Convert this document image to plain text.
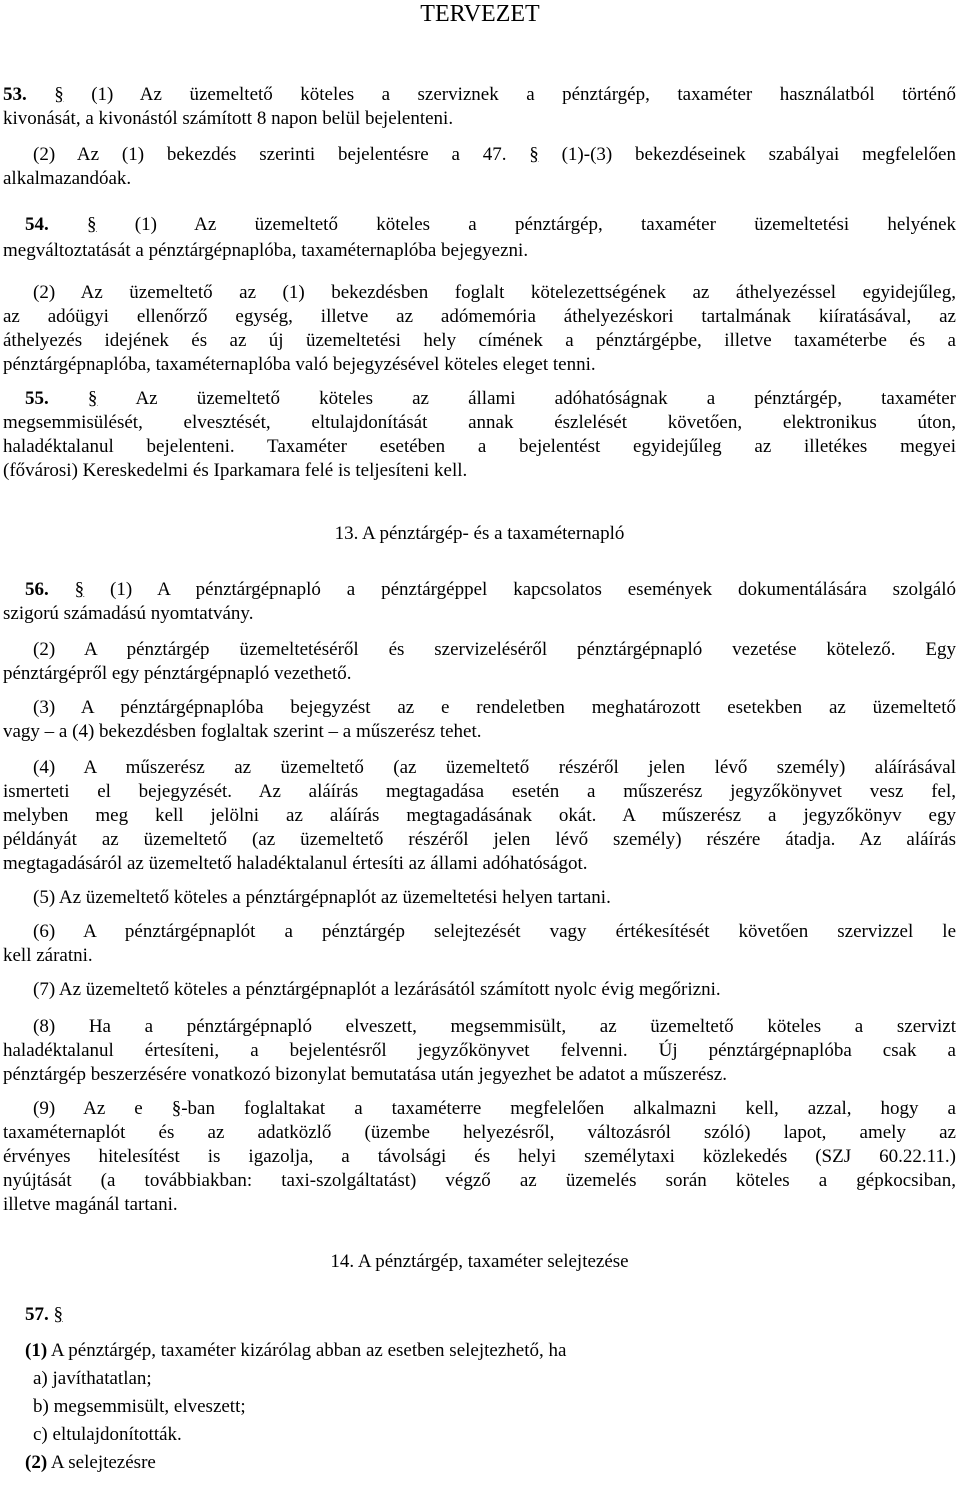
TERVEZET
53. § (1) Az üzemeltető köteles a szerviznek a pénztárgép, taxaméter használatból történő
kivonását, a kivonástól számított 8 napon belül bejelenteni.
(2) Az (1) bekezdés szerinti bejelentésre a 47. § (1)-(3) bekezdéseinek szabályai megfelelően
alkalmazandóak.
54. § (1) Az üzemeltető köteles a pénztárgép, taxaméter üzemeltetési helyének
megváltoztatását a pénztárgépnaplóba, taxaméternaplóba bejegyezni.
(2) Az üzemeltető az (1) bekezdésben foglalt kötelezettségének az áthelyezéssel egyidejűleg,
az adóügyi ellenőrző egység, illetve az adómemória áthelyezéskori tartalmának kiíratásával, az
áthelyezés idejének és az új üzemeltetési hely címének a pénztárgépbe, illetve taxaméterbe és a
pénztárgépnaplóba, taxaméternaplóba való bejegyzésével köteles eleget tenni.
55. § Az üzemeltető köteles az állami adóhatóságnak a pénztárgép, taxaméter
megsemmisülését, elvesztését, eltulajdonítását annak észlelését követően, elektronikus úton,
haladéktalanul bejelenteni. Taxaméter esetében a bejelentést egyidejűleg az illetékes megyei
(fővárosi) Kereskedelmi és Iparkamara felé is teljesíteni kell.
13. A pénztárgép- és a taxaméternapló
56. § (1) A pénztárgépnapló a pénztárgéppel kapcsolatos események dokumentálására szolgáló
szigorú számadású nyomtatvány.
(2) A pénztárgép üzemeltetéséről és szervizeléséről pénztárgépnapló vezetése kötelező. Egy
pénztárgépről egy pénztárgépnapló vezethető.
(3) A pénztárgépnaplóba bejegyzést az e rendeletben meghatározott esetekben az üzemeltető
vagy – a (4) bekezdésben foglaltak szerint – a műszerész tehet.
(4) A műszerész az üzemeltető (az üzemeltető részéről jelen lévő személy) aláírásával
ismerteti el bejegyzését. Az aláírás megtagadása esetén a műszerész jegyzőkönyvet vesz fel,
melyben meg kell jelölni az aláírás megtagadásának okát. A műszerész a jegyzőkönyv egy
példányát az üzemeltető (az üzemeltető részéről jelen lévő személy) részére átadja. Az aláírás
megtagadásáról az üzemeltető haladéktalanul értesíti az állami adóhatóságot.
(5) Az üzemeltető köteles a pénztárgépnaplót az üzemeltetési helyen tartani.
(6) A pénztárgépnaplót a pénztárgép selejtezését vagy értékesítését követően szervizzel le
kell záratni.
(7) Az üzemeltető köteles a pénztárgépnaplót a lezárásától számított nyolc évig megőrizni.
(8) Ha a pénztárgépnapló elveszett, megsemmisült, az üzemeltető köteles a szervizt
haladéktalanul értesíteni, a bejelentésről jegyzőkönyvet felvenni. Új pénztárgépnaplóba csak a
pénztárgép beszerzésére vonatkozó bizonylat bemutatása után jegyezhet be adatot a műszerész.
(9) Az e §-ban foglaltakat a taxaméterre megfelelően alkalmazni kell, azzal, hogy a
taxaméternaplót és az adatközlő (üzembe helyezésről, változásról szóló) lapot, amely az
érvényes hitelesítést is igazolja, a távolsági és helyi személytaxi közlekedés (SZJ 60.22.11.)
nyújtását (a továbbiakban: taxi-szolgáltatást) végző az üzemelés során köteles a gépkocsiban,
illetve magánál tartani.
14. A pénztárgép, taxaméter selejtezése
57. §
(1) A pénztárgép, taxaméter kizárólag abban az esetben selejtezhető, ha
a) javíthatatlan;
b) megsemmisült, elveszett;
c) eltulajdonították.
(2) A selejtezésre
